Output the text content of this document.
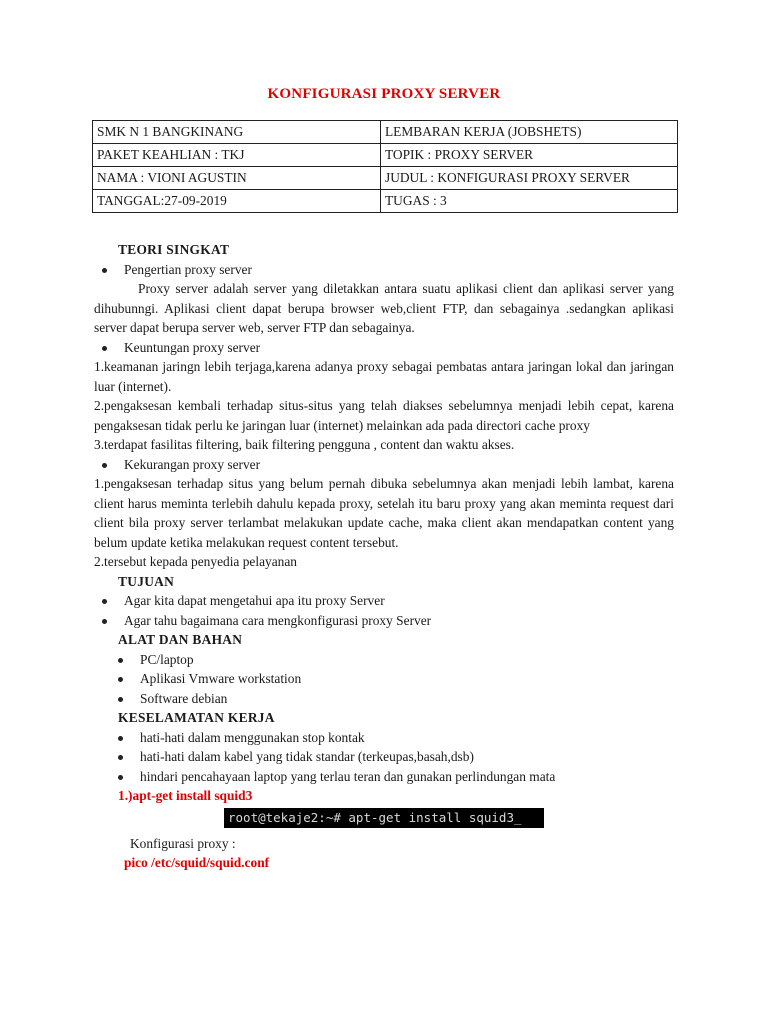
KONFIGURASI PROXY SERVER
SMK N 1 BANGKINANG	LEMBARAN KERJA (JOBSHETS)
PAKET KEAHLIAN : TKJ	TOPIK : PROXY SERVER
NAMA : VIONI AGUSTIN	JUDUL : KONFIGURASI PROXY SERVER
TANGGAL:27-09-2019	TUGAS : 3
TEORI SINGKAT
Pengertian proxy server
Proxy server adalah server yang diletakkan antara suatu aplikasi client dan aplikasi server yang dihubunngi. Aplikasi client dapat berupa browser web,client FTP, dan sebagainya .sedangkan aplikasi server dapat berupa server web, server FTP dan sebagainya.
Keuntungan proxy server
1.keamanan jaringn lebih terjaga,karena adanya proxy sebagai pembatas antara jaringan lokal dan jaringan luar (internet).
2.pengaksesan kembali terhadap situs-situs yang telah diakses sebelumnya menjadi lebih cepat, karena pengaksesan tidak perlu ke jaringan luar (internet) melainkan ada pada directori cache proxy
3.terdapat fasilitas filtering, baik filtering pengguna , content dan waktu akses.
Kekurangan proxy server
1.pengaksesan terhadap situs yang belum pernah dibuka sebelumnya akan menjadi lebih lambat, karena client harus meminta terlebih dahulu kepada proxy, setelah itu baru proxy yang akan meminta request dari client bila proxy server terlambat melakukan update cache, maka client akan mendapatkan content yang belum update ketika melakukan request content tersebut.
2.tersebut kepada penyedia pelayanan
TUJUAN
Agar kita dapat mengetahui apa itu proxy Server
Agar tahu bagaimana cara mengkonfigurasi proxy Server
ALAT DAN BAHAN
PC/laptop
Aplikasi Vmware workstation
Software debian
KESELAMATAN KERJA
hati-hati dalam menggunakan stop kontak
hati-hati dalam kabel yang tidak standar (terkeupas,basah,dsb)
hindari pencahayaan laptop yang terlau teran dan gunakan perlindungan mata
1.)apt-get install squid3
root@tekaje2:~# apt-get install squid3_
Konfigurasi proxy :
pico /etc/squid/squid.conf
